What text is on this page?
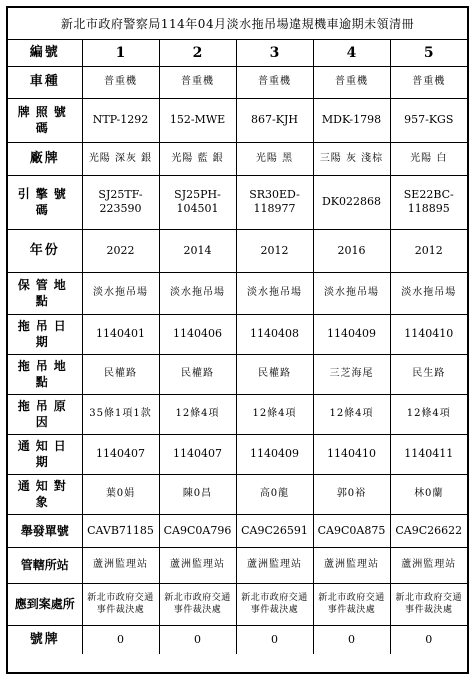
新北市政府警察局114年04月淡水拖吊場違規機車逾期未領清冊
編號	1	2	3	4	5
車種	普重機	普重機	普重機	普重機	普重機
牌照號碼	NTP-1292	152-MWE	867-KJH	MDK-1798	957-KGS
廠牌	光陽 深灰 銀	光陽 藍 銀	光陽 黑	三陽 灰 淺棕	光陽 白
引擎號碼	SJ25TF-223590	SJ25PH-104501	SR30ED-118977	DK022868	SE22BC-118895
年份	2022	2014	2012	2016	2012
保管地點	淡水拖吊場	淡水拖吊場	淡水拖吊場	淡水拖吊場	淡水拖吊場
拖吊日期	1140401	1140406	1140408	1140409	1140410
拖吊地點	民權路	民權路	民權路	三芝海尾	民生路
拖吊原因	35條1項1款	12條4項	12條4項	12條4項	12條4項
通知日期	1140407	1140407	1140409	1140410	1140411
通知對象	葉0娟	陳0昌	高0龍	郭0裕	林0蘭
舉發單號	CAVB71185	CA9C0A796	CA9C26591	CA9C0A875	CA9C26622
管轄所站	蘆洲監理站	蘆洲監理站	蘆洲監理站	蘆洲監理站	蘆洲監理站
應到案處所	新北市政府交通事件裁決處	新北市政府交通事件裁決處	新北市政府交通事件裁決處	新北市政府交通事件裁決處	新北市政府交通事件裁決處
號牌	0	0	0	0	0
